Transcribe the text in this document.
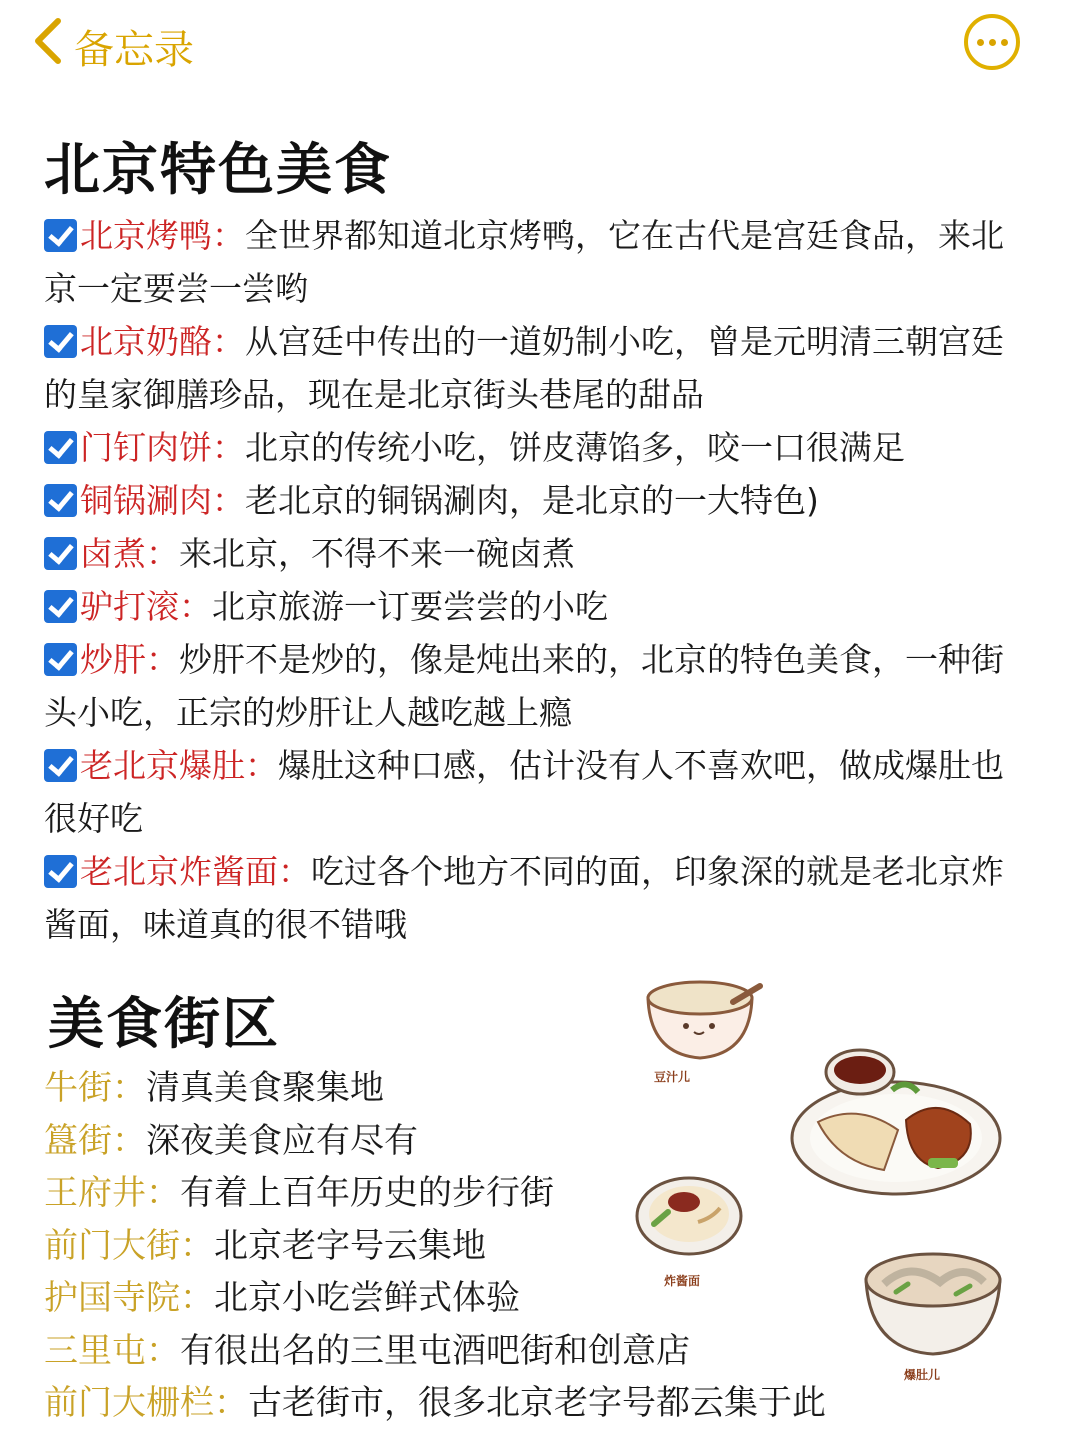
备忘录
北京特色美食
北京烤鸭：全世界都知道北京烤鸭，它在古代是宫廷食品，来北京一定要尝一尝哟
北京奶酪：从宫廷中传出的一道奶制小吃，曾是元明清三朝宫廷的皇家御膳珍品，现在是北京街头巷尾的甜品
门钉肉饼：北京的传统小吃，饼皮薄馅多，咬一口很满足
铜锅涮肉：老北京的铜锅涮肉，是北京的一大特色)
卤煮：来北京，不得不来一碗卤煮
驴打滚：北京旅游一订要尝尝的小吃
炒肝：炒肝不是炒的，像是炖出来的，北京的特色美食，一种街头小吃，正宗的炒肝让人越吃越上瘾
老北京爆肚：爆肚这种口感，估计没有人不喜欢吧，做成爆肚也很好吃
老北京炸酱面：吃过各个地方不同的面，印象深的就是老北京炸酱面，味道真的很不错哦
美食街区
牛街：清真美食聚集地
簋街：深夜美食应有尽有
王府井：有着上百年历史的步行街
前门大街：北京老字号云集地
护国寺院：北京小吃尝鲜式体验
三里屯：有很出名的三里屯酒吧街和创意店
前门大栅栏：古老街市，很多北京老字号都云集于此
豆汁儿
炸酱面
爆肚儿
